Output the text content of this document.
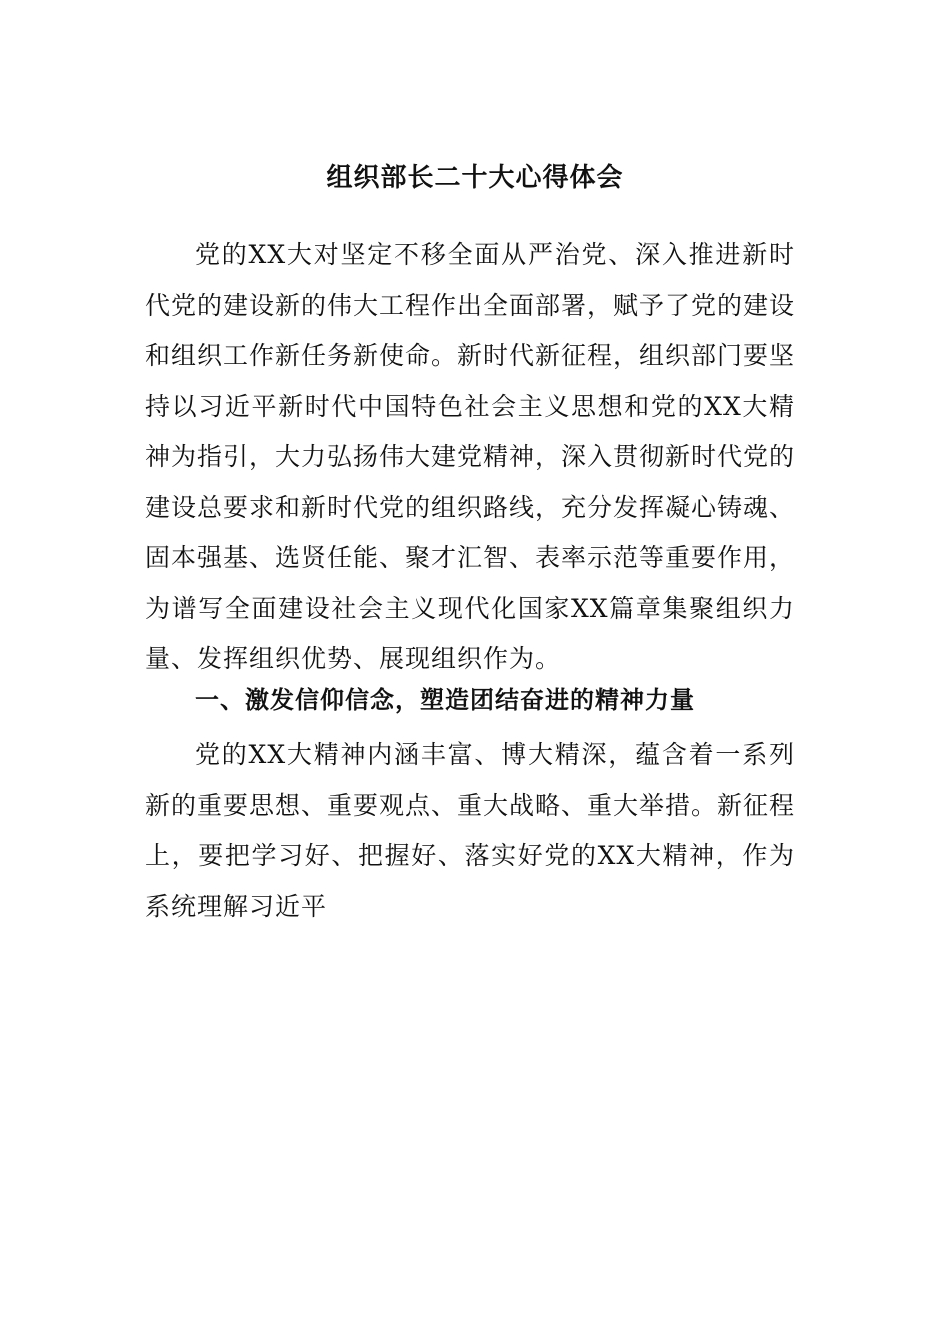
组织部长二十大心得体会

党的XX大对坚定不移全面从严治党、深入推进新时代党的建设新的伟大工程作出全面部署，赋予了党的建设和组织工作新任务新使命。新时代新征程，组织部门要坚持以习近平新时代中国特色社会主义思想和党的XX大精神为指引，大力弘扬伟大建党精神，深入贯彻新时代党的建设总要求和新时代党的组织路线，充分发挥凝心铸魂、固本强基、选贤任能、聚才汇智、表率示范等重要作用，为谱写全面建设社会主义现代化国家XX篇章集聚组织力量、发挥组织优势、展现组织作为。

一、激发信仰信念，塑造团结奋进的精神力量

党的XX大精神内涵丰富、博大精深，蕴含着一系列新的重要思想、重要观点、重大战略、重大举措。新征程上，要把学习好、把握好、落实好党的XX大精神，作为系统理解习近平
